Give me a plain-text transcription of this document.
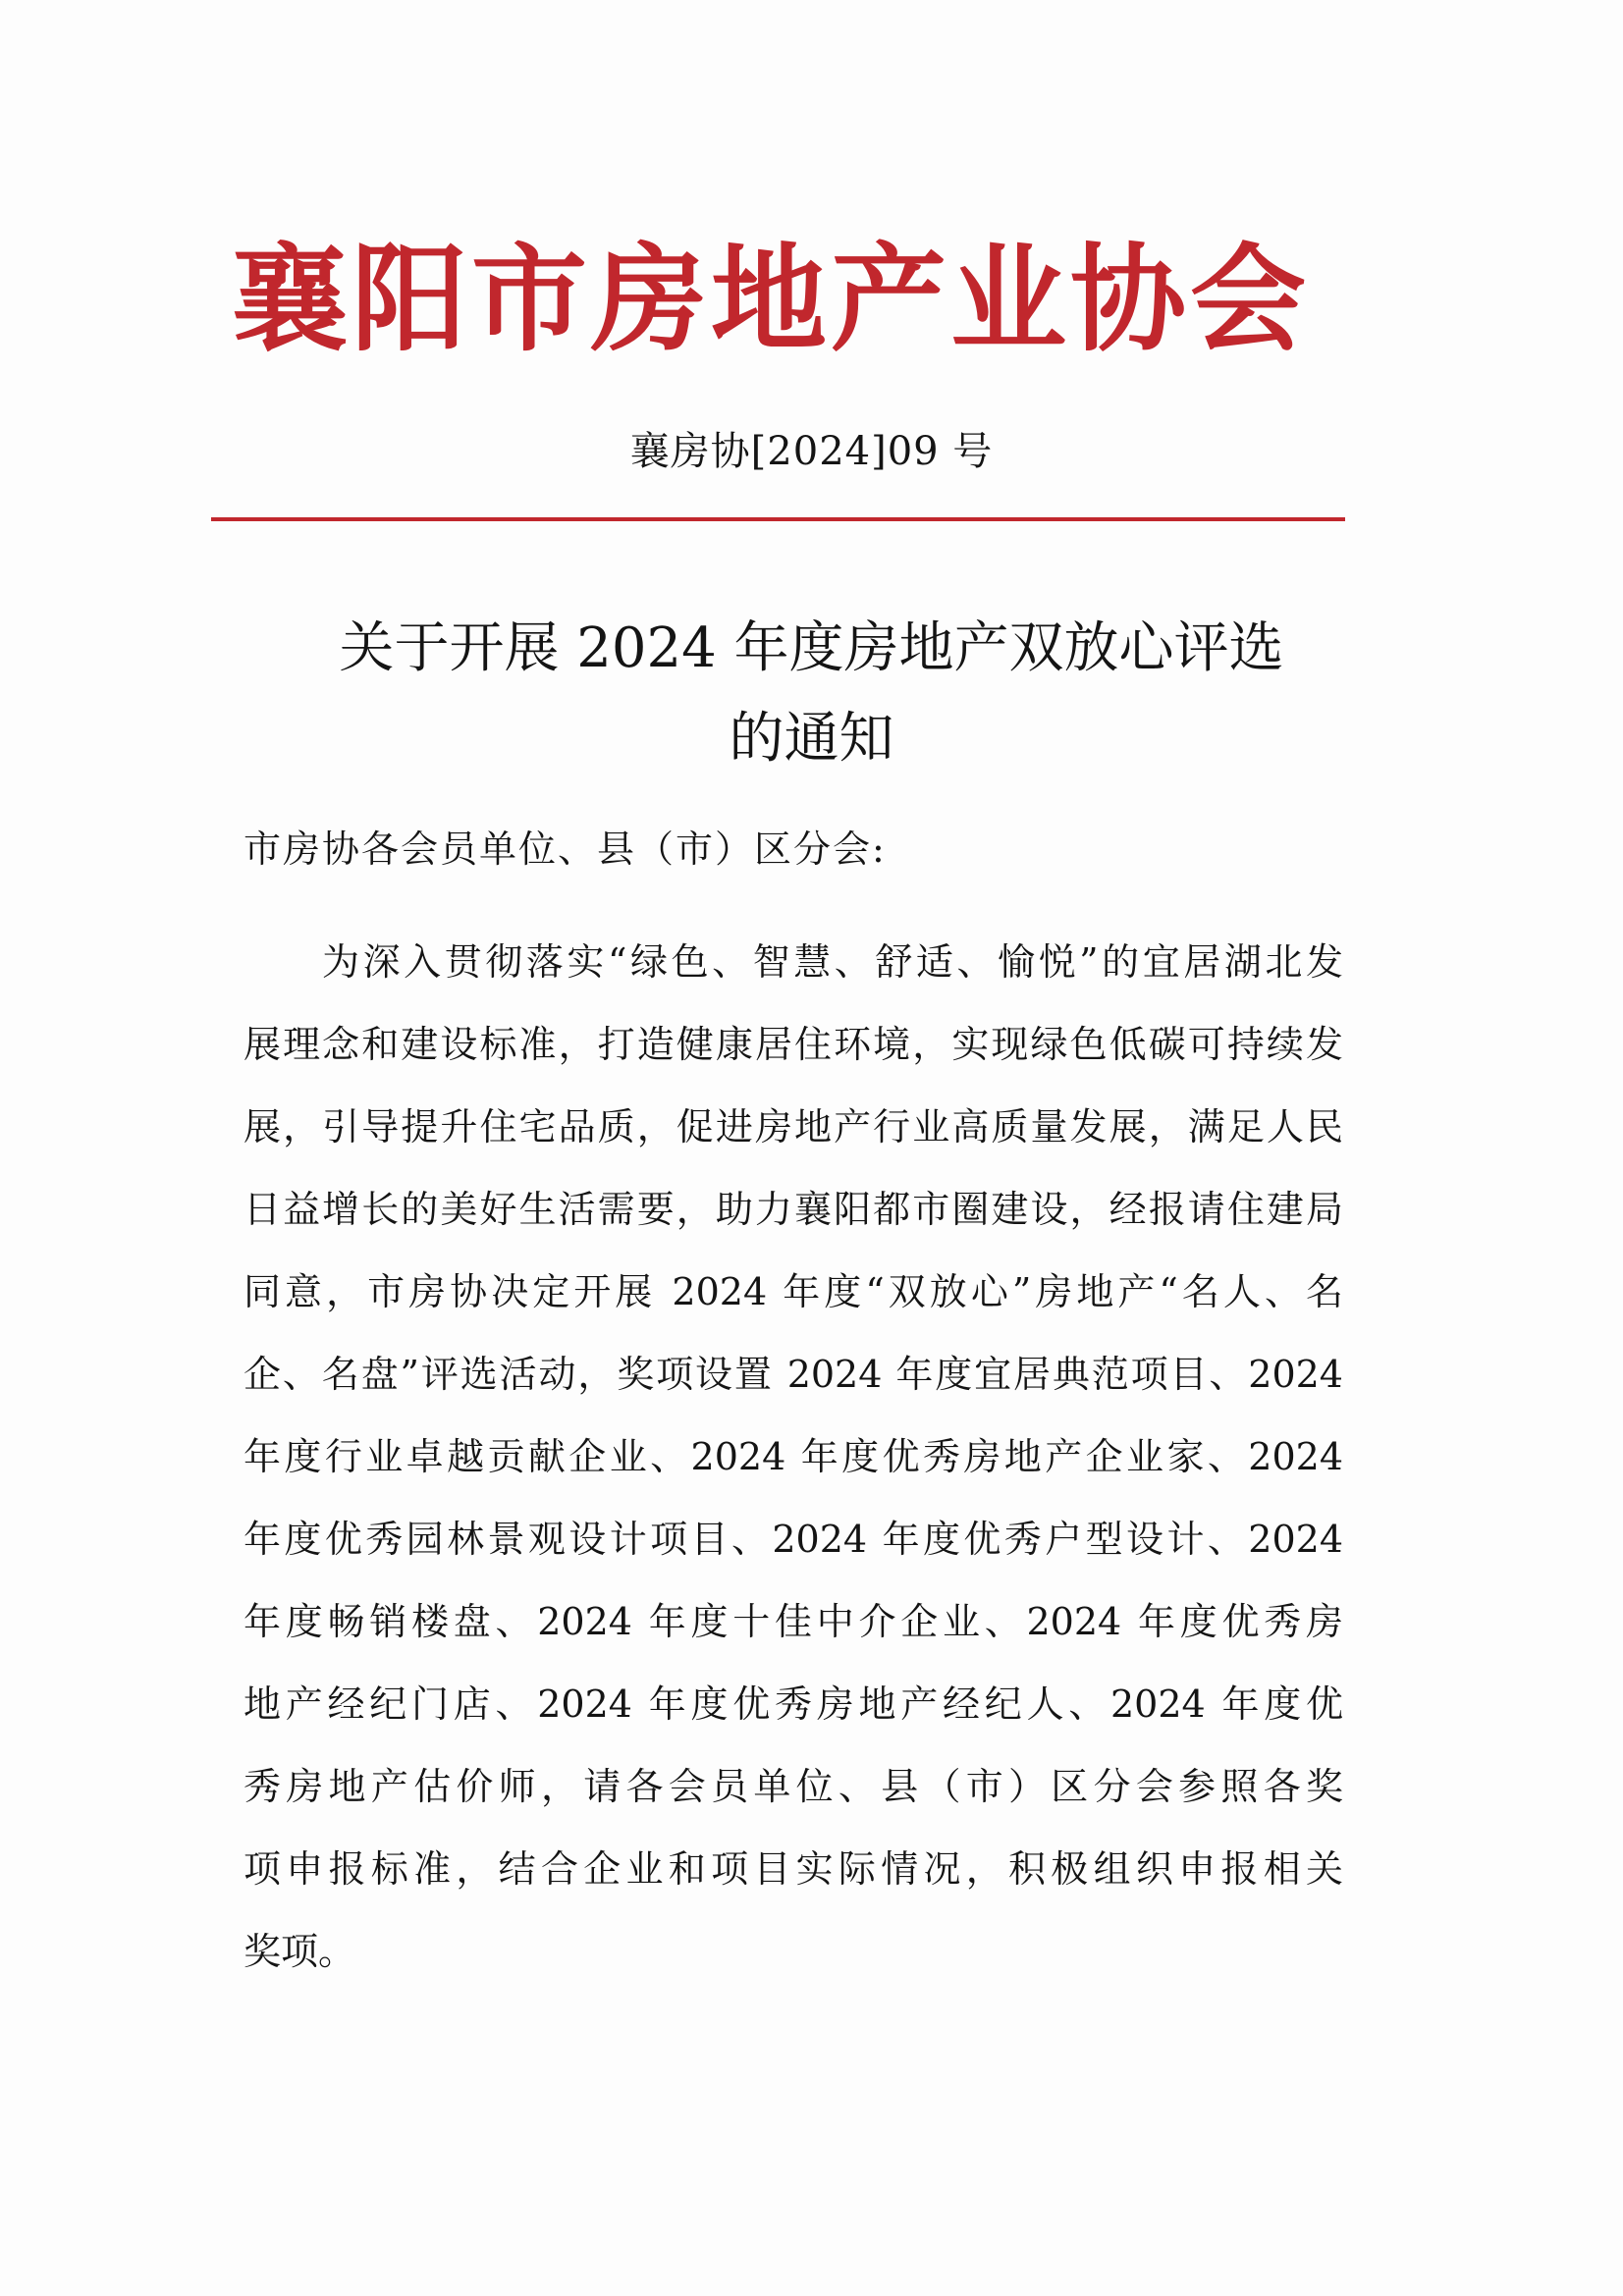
襄阳市房地产业协会
襄房协[2024]09 号
关于开展 2024 年度房地产双放心评选
的通知
市房协各会员单位、县（市）区分会:
为深入贯彻落实“绿色、智慧、舒适、愉悦”的宜居湖北发
展理念和建设标准，打造健康居住环境，实现绿色低碳可持续发
展，引导提升住宅品质，促进房地产行业高质量发展，满足人民
日益增长的美好生活需要，助力襄阳都市圈建设，经报请住建局
同意，市房协决定开展 2024 年度“双放心”房地产“名人、名
企、名盘”评选活动，奖项设置 2024 年度宜居典范项目、2024
年度行业卓越贡献企业、2024 年度优秀房地产企业家、2024
年度优秀园林景观设计项目、2024 年度优秀户型设计、2024
年度畅销楼盘、2024 年度十佳中介企业、2024 年度优秀房
地产经纪门店、2024 年度优秀房地产经纪人、2024 年度优
秀房地产估价师，请各会员单位、县（市）区分会参照各奖
项申报标准，结合企业和项目实际情况，积极组织申报相关
奖项。
